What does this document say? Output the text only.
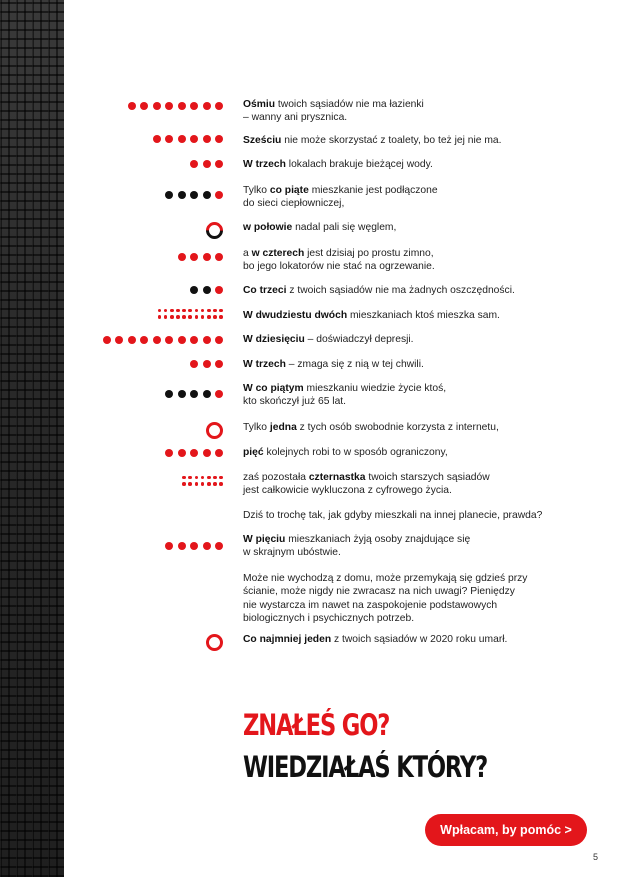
Ośmiu twoich sąsiadów nie ma łazienki
– wanny ani prysznica.
Sześciu nie może skorzystać z toalety, bo też jej nie ma.
W trzech lokalach brakuje bieżącej wody.
Tylko co piąte mieszkanie jest podłączone
do sieci ciepłowniczej,
w połowie nadal pali się węglem,
a w czterech jest dzisiaj po prostu zimno,
bo jego lokatorów nie stać na ogrzewanie.
Co trzeci z twoich sąsiadów nie ma żadnych oszczędności.
W dwudziestu dwóch mieszkaniach ktoś mieszka sam.
W dziesięciu – doświadczył depresji.
W trzech – zmaga się z nią w tej chwili.
W co piątym mieszkaniu wiedzie życie ktoś,
kto skończył już 65 lat.
Tylko jedna z tych osób swobodnie korzysta z internetu,
pięć kolejnych robi to w sposób ograniczony,
zaś pozostała czternastka twoich starszych sąsiadów
jest całkowicie wykluczona z cyfrowego życia.
Dziś to trochę tak, jak gdyby mieszkali na innej planecie, prawda?
W pięciu mieszkaniach żyją osoby znajdujące się
w skrajnym ubóstwie.
Może nie wychodzą z domu, może przemykają się gdzieś przy
ścianie, może nigdy nie zwracasz na nich uwagi? Pieniędzy
nie wystarcza im nawet na zaspokojenie podstawowych
biologicznych i psychicznych potrzeb.
Co najmniej jeden z twoich sąsiadów w 2020 roku umarł.
ZNAŁEŚ GO?
WIEDZIAŁAŚ KTÓRY?
Wpłacam, by pomóc >
5
